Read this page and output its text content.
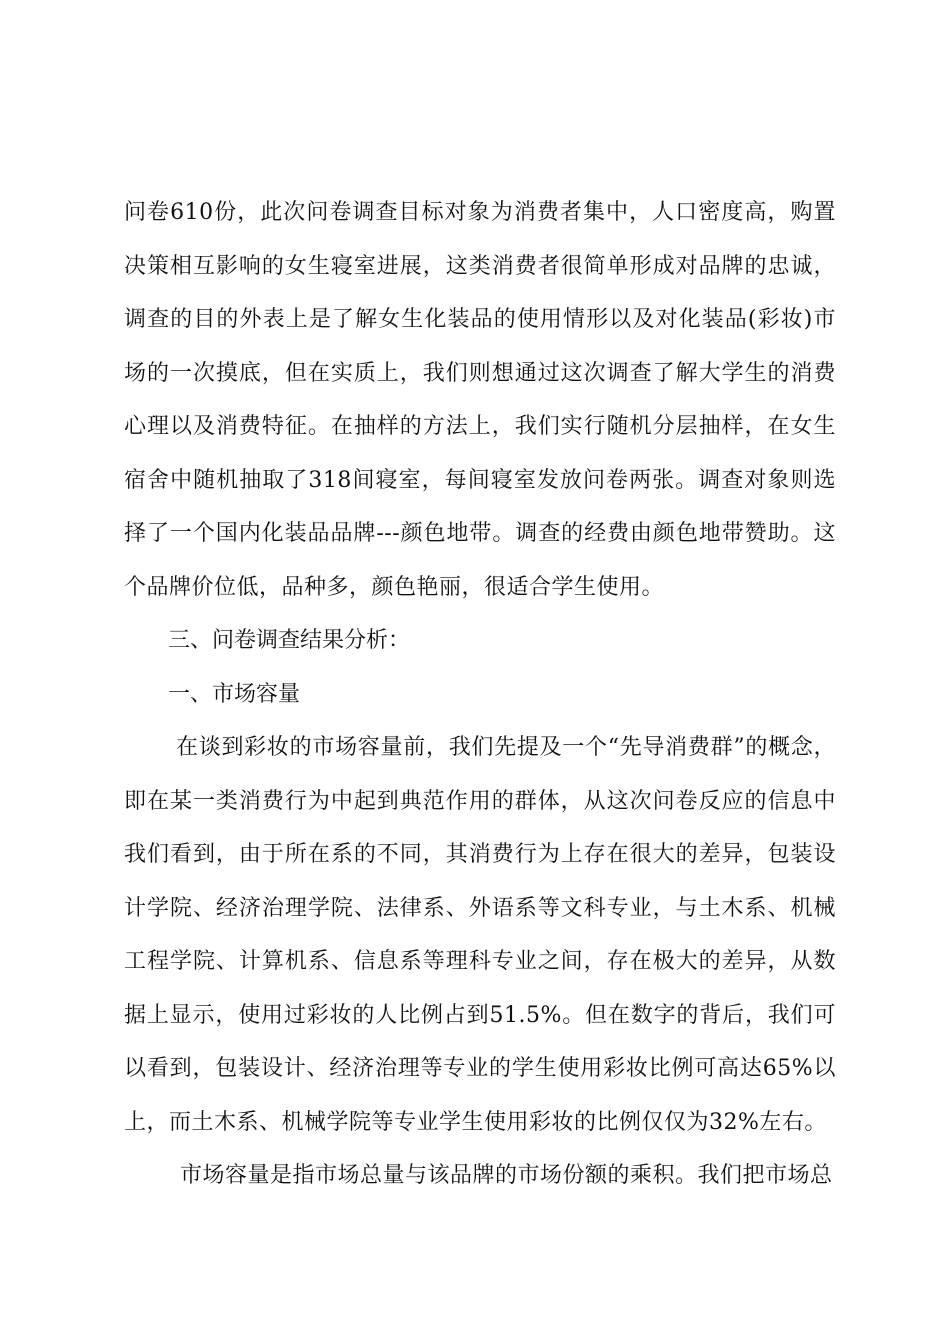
问卷610份，此次问卷调查目标对象为消费者集中，人口密度高，购置决策相互影响的女生寝室进展，这类消费者很简单形成对品牌的忠诚，调查的目的外表上是了解女生化装品的使用情形以及对化装品(彩妆)市场的一次摸底，但在实质上，我们则想通过这次调查了解大学生的消费心理以及消费特征。在抽样的方法上，我们实行随机分层抽样，在女生宿舍中随机抽取了318间寝室，每间寝室发放问卷两张。调查对象则选择了一个国内化装品品牌---颜色地带。调查的经费由颜色地带赞助。这个品牌价位低，品种多，颜色艳丽，很适合学生使用。

三、问卷调查结果分析：

一、市场容量

在谈到彩妆的市场容量前，我们先提及一个“先导消费群”的概念，即在某一类消费行为中起到典范作用的群体，从这次问卷反应的信息中我们看到，由于所在系的不同，其消费行为上存在很大的差异，包装设计学院、经济治理学院、法律系、外语系等文科专业，与土木系、机械工程学院、计算机系、信息系等理科专业之间，存在极大的差异，从数据上显示，使用过彩妆的人比例占到51.5%。但在数字的背后，我们可以看到，包装设计、经济治理等专业的学生使用彩妆比例可高达65%以上，而土木系、机械学院等专业学生使用彩妆的比例仅仅为32%左右。

市场容量是指市场总量与该品牌的市场份额的乘积。我们把市场总
